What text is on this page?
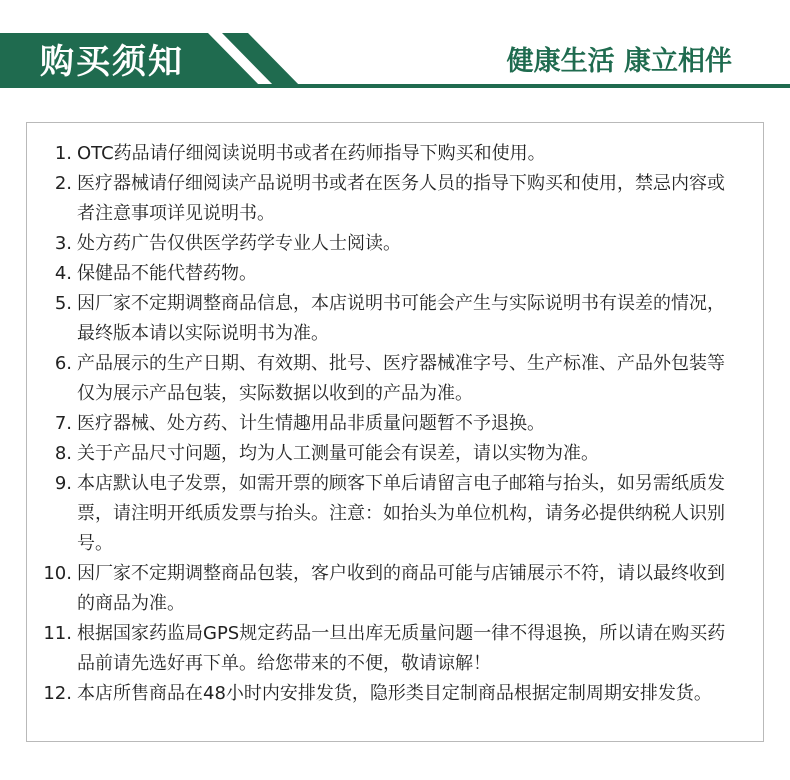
购买须知	健康生活 康立相伴
1. OTC药品请仔细阅读说明书或者在药师指导下购买和使用。
2. 医疗器械请仔细阅读产品说明书或者在医务人员的指导下购买和使用，禁忌内容或者注意事项详见说明书。
3. 处方药广告仅供医学药学专业人士阅读。
4. 保健品不能代替药物。
5. 因厂家不定期调整商品信息，本店说明书可能会产生与实际说明书有误差的情况，最终版本请以实际说明书为准。
6. 产品展示的生产日期、有效期、批号、医疗器械准字号、生产标准、产品外包装等仅为展示产品包装，实际数据以收到的产品为准。
7. 医疗器械、处方药、计生情趣用品非质量问题暂不予退换。
8. 关于产品尺寸问题，均为人工测量可能会有误差，请以实物为准。
9. 本店默认电子发票，如需开票的顾客下单后请留言电子邮箱与抬头，如另需纸质发票，请注明开纸质发票与抬头。注意：如抬头为单位机构，请务必提供纳税人识别号。
10. 因厂家不定期调整商品包装，客户收到的商品可能与店铺展示不符，请以最终收到的商品为准。
11. 根据国家药监局GPS规定药品一旦出库无质量问题一律不得退换，所以请在购买药品前请先选好再下单。给您带来的不便，敬请谅解！
12. 本店所售商品在48小时内安排发货，隐形类目定制商品根据定制周期安排发货。
